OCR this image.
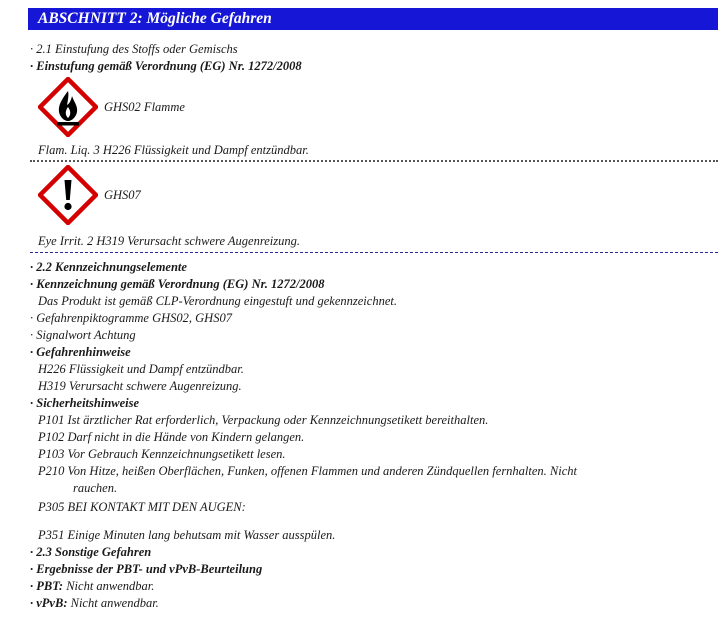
ABSCHNITT 2: Mögliche Gefahren
· 2.1 Einstufung des Stoffs oder Gemischs
· Einstufung gemäß Verordnung (EG) Nr. 1272/2008
GHS02 Flamme
Flam. Liq. 3 H226 Flüssigkeit und Dampf entzündbar.
GHS07
Eye Irrit. 2 H319 Verursacht schwere Augenreizung.
· 2.2 Kennzeichnungselemente
· Kennzeichnung gemäß Verordnung (EG) Nr. 1272/2008
Das Produkt ist gemäß CLP-Verordnung eingestuft und gekennzeichnet.
· Gefahrenpiktogramme GHS02, GHS07
· Signalwort Achtung
· Gefahrenhinweise
H226 Flüssigkeit und Dampf entzündbar.
H319 Verursacht schwere Augenreizung.
· Sicherheitshinweise
P101 Ist ärztlicher Rat erforderlich, Verpackung oder Kennzeichnungsetikett bereithalten.
P102 Darf nicht in die Hände von Kindern gelangen.
P103 Vor Gebrauch Kennzeichnungsetikett lesen.
P210 Von Hitze, heißen Oberflächen, Funken, offenen Flammen und anderen Zündquellen fernhalten. Nicht
rauchen.
P305 BEI KONTAKT MIT DEN AUGEN:
P351 Einige Minuten lang behutsam mit Wasser ausspülen.
· 2.3 Sonstige Gefahren
· Ergebnisse der PBT- und vPvB-Beurteilung
· PBT: Nicht anwendbar.
· vPvB: Nicht anwendbar.
